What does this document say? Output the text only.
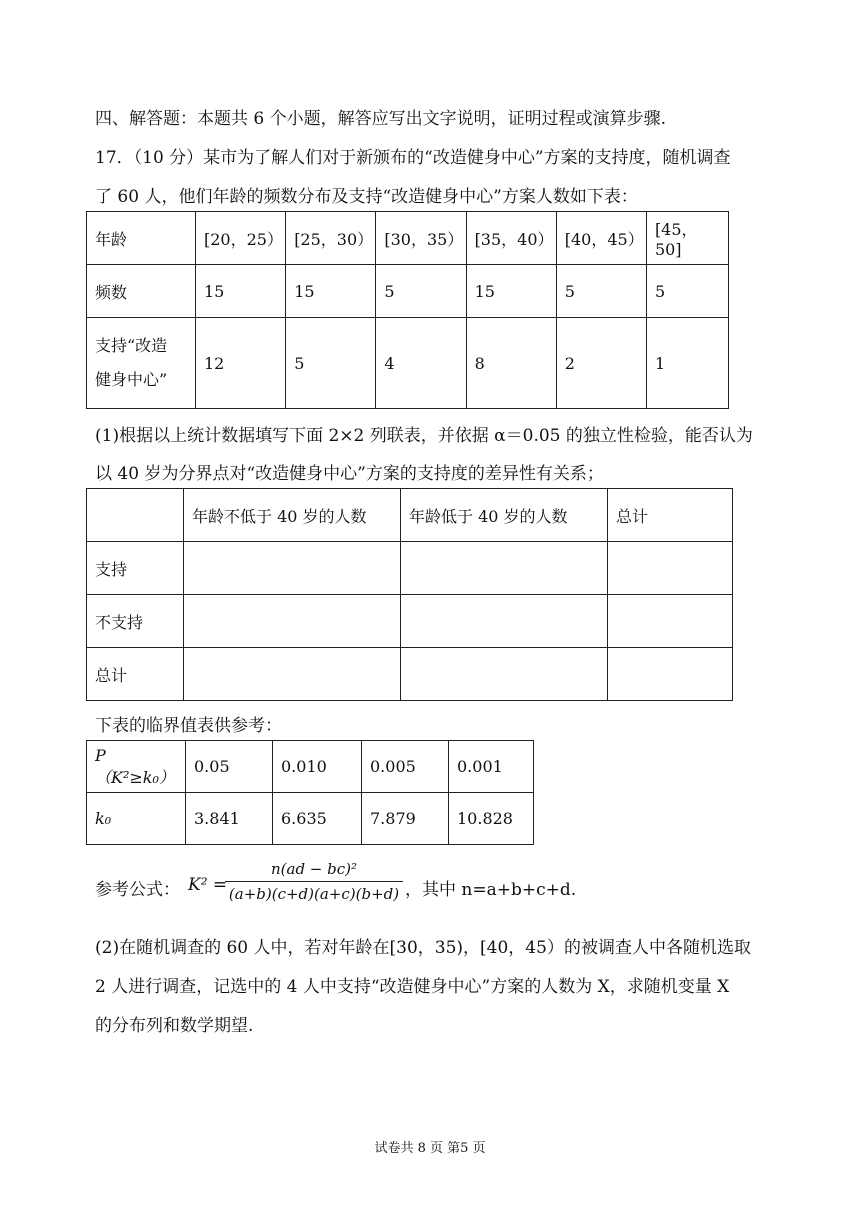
四、解答题：本题共 6 个小题，解答应写出文字说明，证明过程或演算步骤.
17．（10 分）某市为了解人们对于新颁布的“改造健身中心”方案的支持度，随机调查
了 60 人，他们年龄的频数分布及支持“改造健身中心”方案人数如下表：
年龄	[20，25）	[25，30）	[30，35）	[35，40）	[40，45）	[45，50]
频数	15	15	5	15	5	5
支持“改造
健身中心”	12	5	4	8	2	1
(1)根据以上统计数据填写下面 2×2 列联表，并依据 α＝0.05 的独立性检验，能否认为
以 40 岁为分界点对“改造健身中心”方案的支持度的差异性有关系；
	年龄不低于 40 岁的人数	年龄低于 40 岁的人数	总计
支持			
不支持			
总计			
下表的临界值表供参考：
P（K²≥k₀）	0.05	0.010	0.005	0.001
k₀	3.841	6.635	7.879	10.828
参考公式： K² =
$\frac{\text{n(ad − bc)²}}{(a+b)(c+d)(a+c)(b+d)}$ ，其中 n=a+b+c+d.
(2)在随机调查的 60 人中，若对年龄在[30，35)，[40，45）的被调查人中各随机选取
2 人进行调查，记选中的 4 人中支持“改造健身中心”方案的人数为 X，求随机变量 X
的分布列和数学期望.
试卷共 8 页 第5 页
